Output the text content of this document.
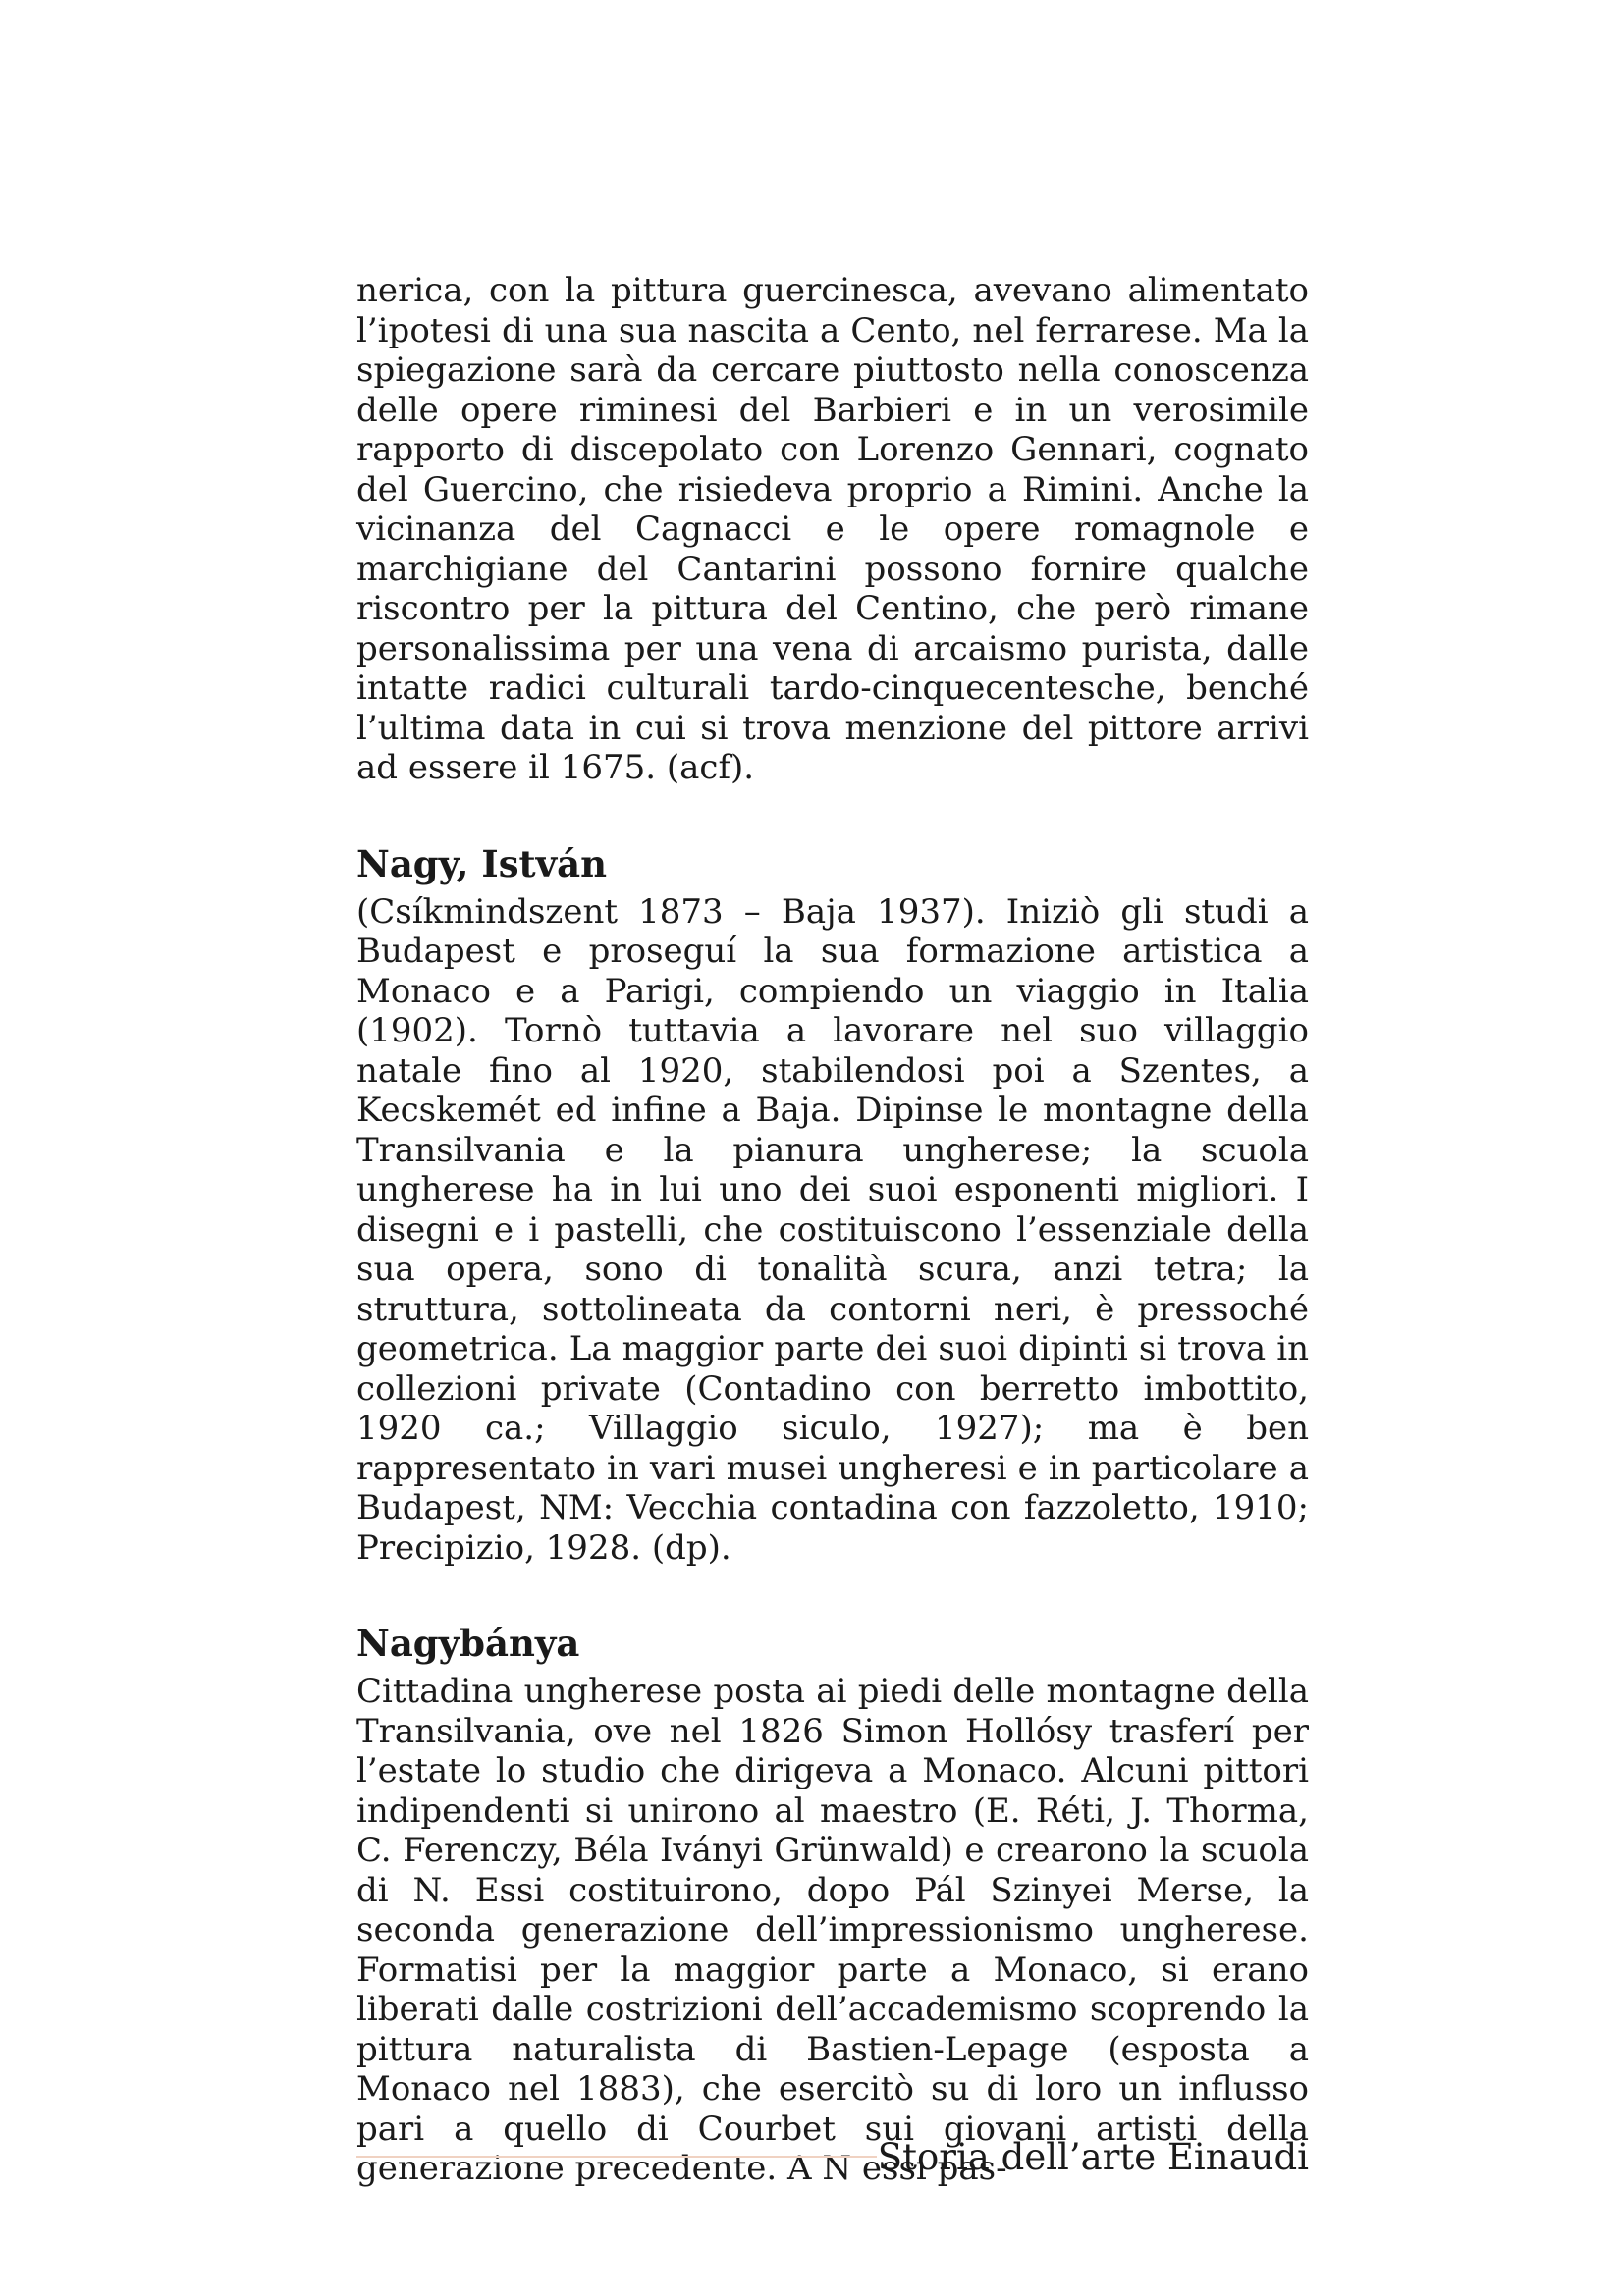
nerica, con la pittura guercinesca, avevano alimentato l’ipotesi di una sua nascita a Cento, nel ferrarese. Ma la spiegazione sarà da cercare piuttosto nella conoscenza delle opere riminesi del Barbieri e in un verosimile rapporto di discepolato con Lorenzo Gennari, cognato del Guercino, che risiedeva proprio a Rimini. Anche la vicinanza del Cagnacci e le opere romagnole e marchigiane del Cantarini possono fornire qualche riscontro per la pittura del Centino, che però rimane personalissima per una vena di arcaismo purista, dalle intatte radici culturali tardo-cinquecentesche, benché l’ultima data in cui si trova menzione del pittore arrivi ad essere il 1675. (acf).

Nagy, István

(Csíkmindszent 1873 – Baja 1937). Iniziò gli studi a Budapest e proseguí la sua formazione artistica a Monaco e a Parigi, compiendo un viaggio in Italia (1902). Tornò tuttavia a lavorare nel suo villaggio natale fino al 1920, stabilendosi poi a Szentes, a Kecskemét ed infine a Baja. Dipinse le montagne della Transilvania e la pianura ungherese; la scuola ungherese ha in lui uno dei suoi esponenti migliori. I disegni e i pastelli, che costituiscono l’essenziale della sua opera, sono di tonalità scura, anzi tetra; la struttura, sottolineata da contorni neri, è pressoché geometrica. La maggior parte dei suoi dipinti si trova in collezioni private (Contadino con berretto imbottito, 1920 ca.; Villaggio siculo, 1927); ma è ben rappresentato in vari musei ungheresi e in particolare a Budapest, NM: Vecchia contadina con fazzoletto, 1910; Precipizio, 1928. (dp).

Nagybánya

Cittadina ungherese posta ai piedi delle montagne della Transilvania, ove nel 1826 Simon Hollósy trasferí per l’estate lo studio che dirigeva a Monaco. Alcuni pittori indipendenti si unirono al maestro (E. Réti, J. Thorma, C. Ferenczy, Béla Iványi Grünwald) e crearono la scuola di N. Essi costituirono, dopo Pál Szinyei Merse, la seconda generazione dell’impressionismo ungherese. Formatisi per la maggior parte a Monaco, si erano liberati dalle costrizioni dell’accademismo scoprendo la pittura naturalista di Bastien-Lepage (esposta a Monaco nel 1883), che esercitò su di loro un influsso pari a quello di Courbet sui giovani artisti della generazione precedente. A N essi pas-

Storia dell’arte Einaudi
